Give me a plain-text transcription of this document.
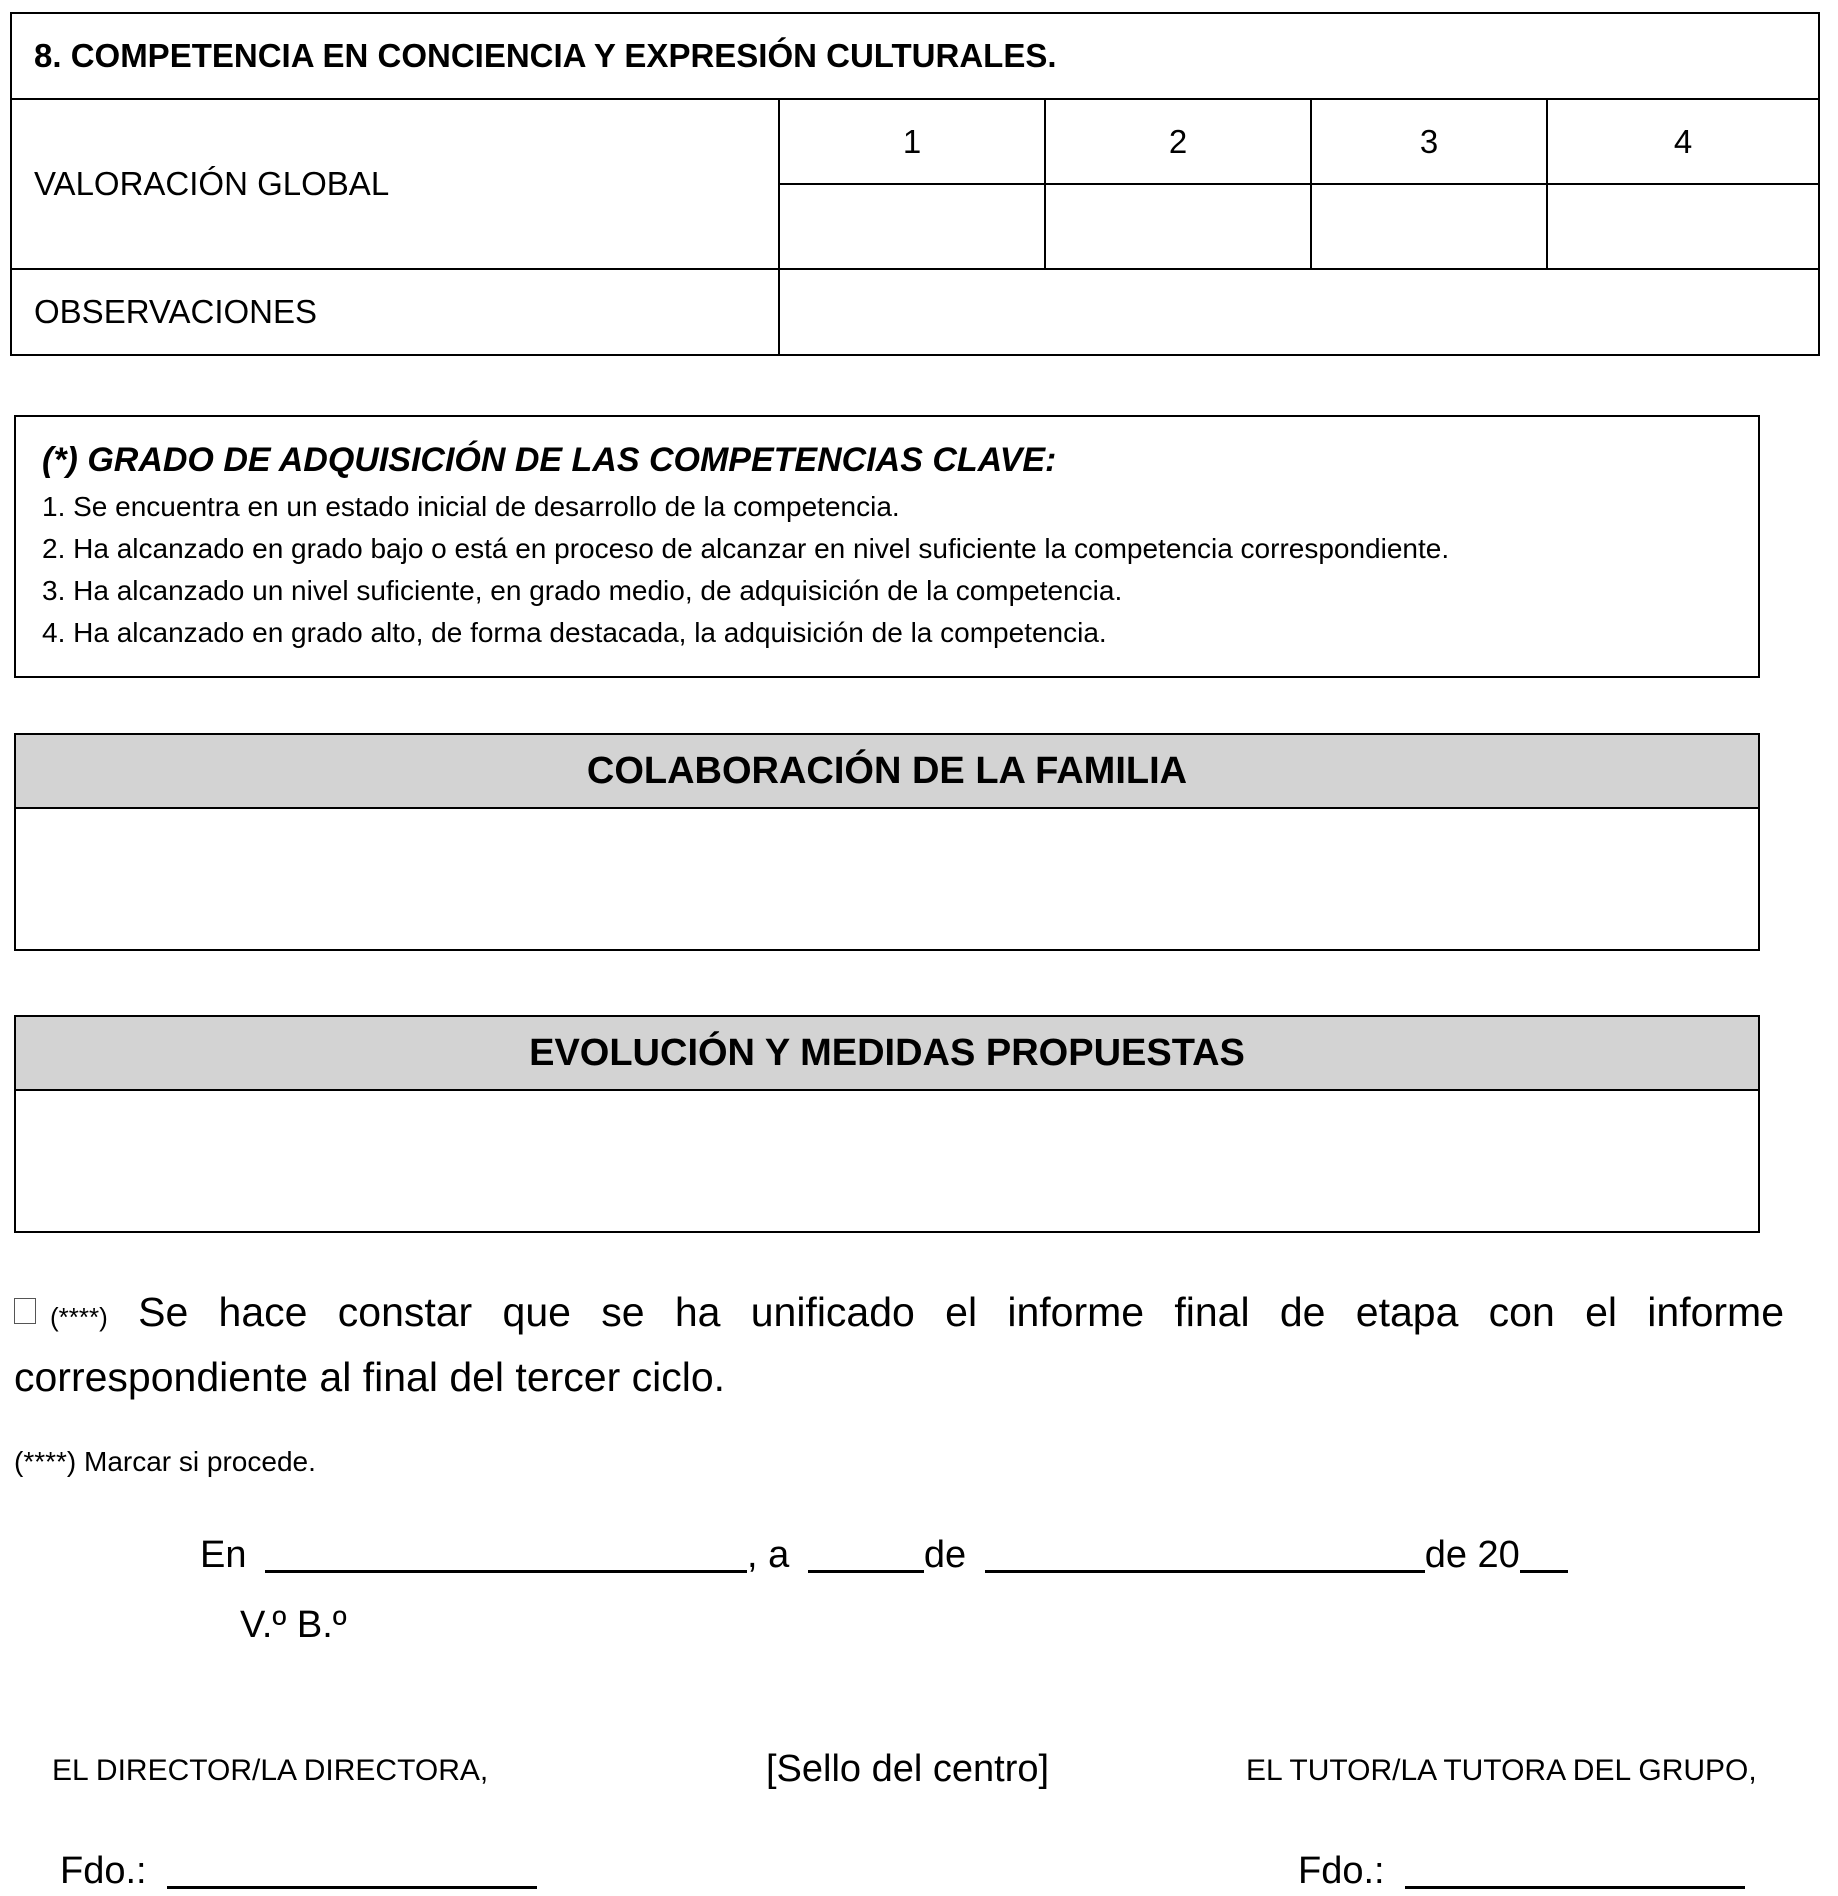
8. COMPETENCIA EN CONCIENCIA Y EXPRESIÓN CULTURALES.				
VALORACIÓN GLOBAL	1	2	3	4

OBSERVACIONES				
(*) GRADO DE ADQUISICIÓN DE LAS COMPETENCIAS CLAVE:
1. Se encuentra en un estado inicial de desarrollo de la competencia.
2. Ha alcanzado en grado bajo o está en proceso de alcanzar en nivel suficiente la competencia correspondiente.
3. Ha alcanzado un nivel suficiente, en grado medio, de adquisición de la competencia.
4. Ha alcanzado en grado alto, de forma destacada, la adquisición de la competencia.
COLABORACIÓN DE LA FAMILIA
EVOLUCIÓN Y MEDIDAS PROPUESTAS
(****) Se hace constar que se ha unificado el informe final de etapa con el informe correspondiente al final del tercer ciclo.
(****) Marcar si procede.
En	, a	de	de 20
V.º B.º
EL DIRECTOR/LA DIRECTORA,	[Sello del centro]	EL TUTOR/LA TUTORA DEL GRUPO,
Fdo.:	Fdo.:
